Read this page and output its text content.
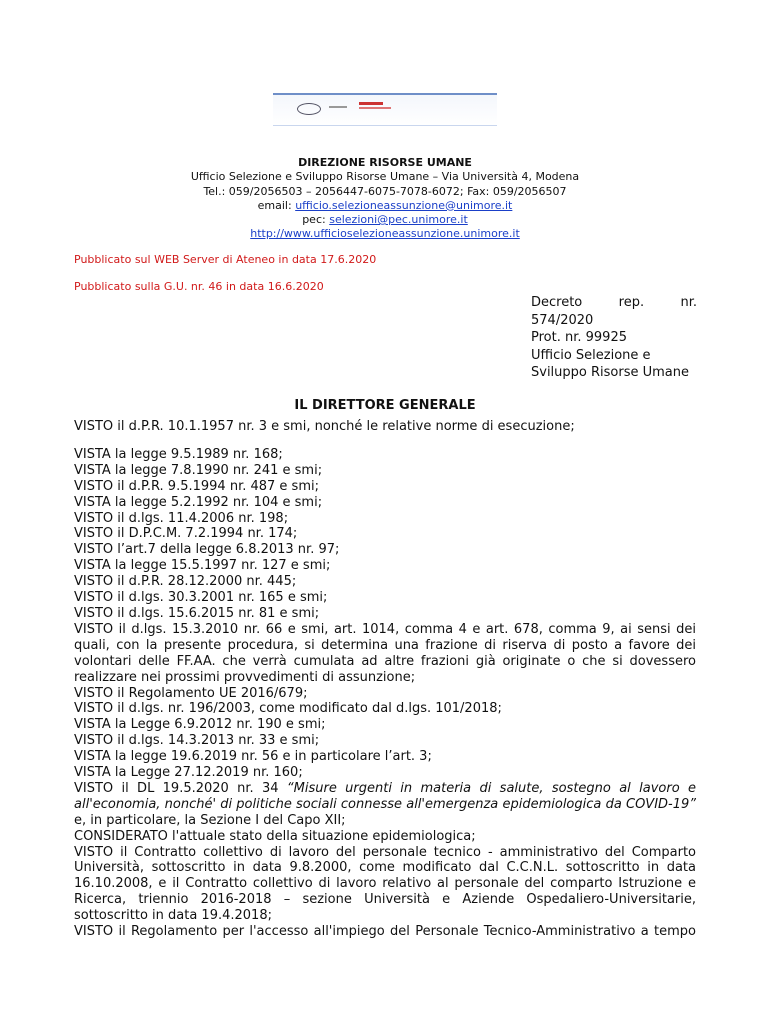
DIREZIONE RISORSE UMANE
Ufficio Selezione e Sviluppo Risorse Umane – Via Università 4, Modena
Tel.: 059/2056503 – 2056447-6075-7078-6072; Fax: 059/2056507
email: ufficio.selezioneassunzione@unimore.it
pec: selezioni@pec.unimore.it
http://www.ufficioselezioneassunzione.unimore.it
Pubblicato sul WEB Server di Ateneo in data 17.6.2020
Pubblicato sulla G.U. nr. 46 in data 16.6.2020
Decreto	rep.	nr.
574/2020
Prot. nr. 99925
Ufficio Selezione e
Sviluppo Risorse Umane
IL DIRETTORE GENERALE

VISTO il d.P.R. 10.1.1957 nr. 3 e smi, nonché le relative norme di esecuzione;

VISTA la legge 9.5.1989 nr. 168;

VISTA la legge 7.8.1990 nr. 241 e smi;

VISTO il d.P.R. 9.5.1994 nr. 487 e smi;

VISTA la legge 5.2.1992 nr. 104 e smi;

VISTO il d.lgs. 11.4.2006 nr. 198;

VISTO il D.P.C.M. 7.2.1994 nr. 174;

VISTO l’art.7 della legge 6.8.2013 nr. 97;

VISTA la legge 15.5.1997 nr. 127 e smi;

VISTO il d.P.R. 28.12.2000 nr. 445;

VISTO il d.lgs. 30.3.2001 nr. 165 e smi;

VISTO il d.lgs. 15.6.2015 nr. 81 e smi;

VISTO il d.lgs. 15.3.2010 nr. 66 e smi, art. 1014, comma 4 e art. 678, comma 9, ai sensi dei quali, con la presente procedura, si determina una frazione di riserva di posto a favore dei volontari delle FF.AA. che verrà cumulata ad altre frazioni già originate o che si dovessero realizzare nei prossimi provvedimenti di assunzione;

VISTO il Regolamento UE 2016/679;

VISTO il d.lgs. nr. 196/2003, come modificato dal d.lgs. 101/2018;

VISTA la Legge 6.9.2012 nr. 190 e smi;

VISTO il d.lgs. 14.3.2013 nr. 33 e smi;

VISTA la legge 19.6.2019 nr. 56 e in particolare l’art. 3;

VISTA la Legge 27.12.2019 nr. 160;

VISTO il DL 19.5.2020 nr. 34 “Misure urgenti in materia di salute, sostegno al lavoro e all'economia, nonché' di politiche sociali connesse all'emergenza epidemiologica da COVID-19” e, in particolare, la Sezione I del Capo XII;

CONSIDERATO l'attuale stato della situazione epidemiologica;

VISTO il Contratto collettivo di lavoro del personale tecnico - amministrativo del Comparto Università, sottoscritto in data 9.8.2000, come modificato dal C.C.N.L. sottoscritto in data 16.10.2008, e il Contratto collettivo di lavoro relativo al personale del comparto Istruzione e Ricerca, triennio 2016-2018 – sezione Università e Aziende Ospedaliero-Universitarie, sottoscritto in data 19.4.2018;

VISTO il Regolamento per l'accesso all'impiego del Personale Tecnico-Amministrativo a tempo
